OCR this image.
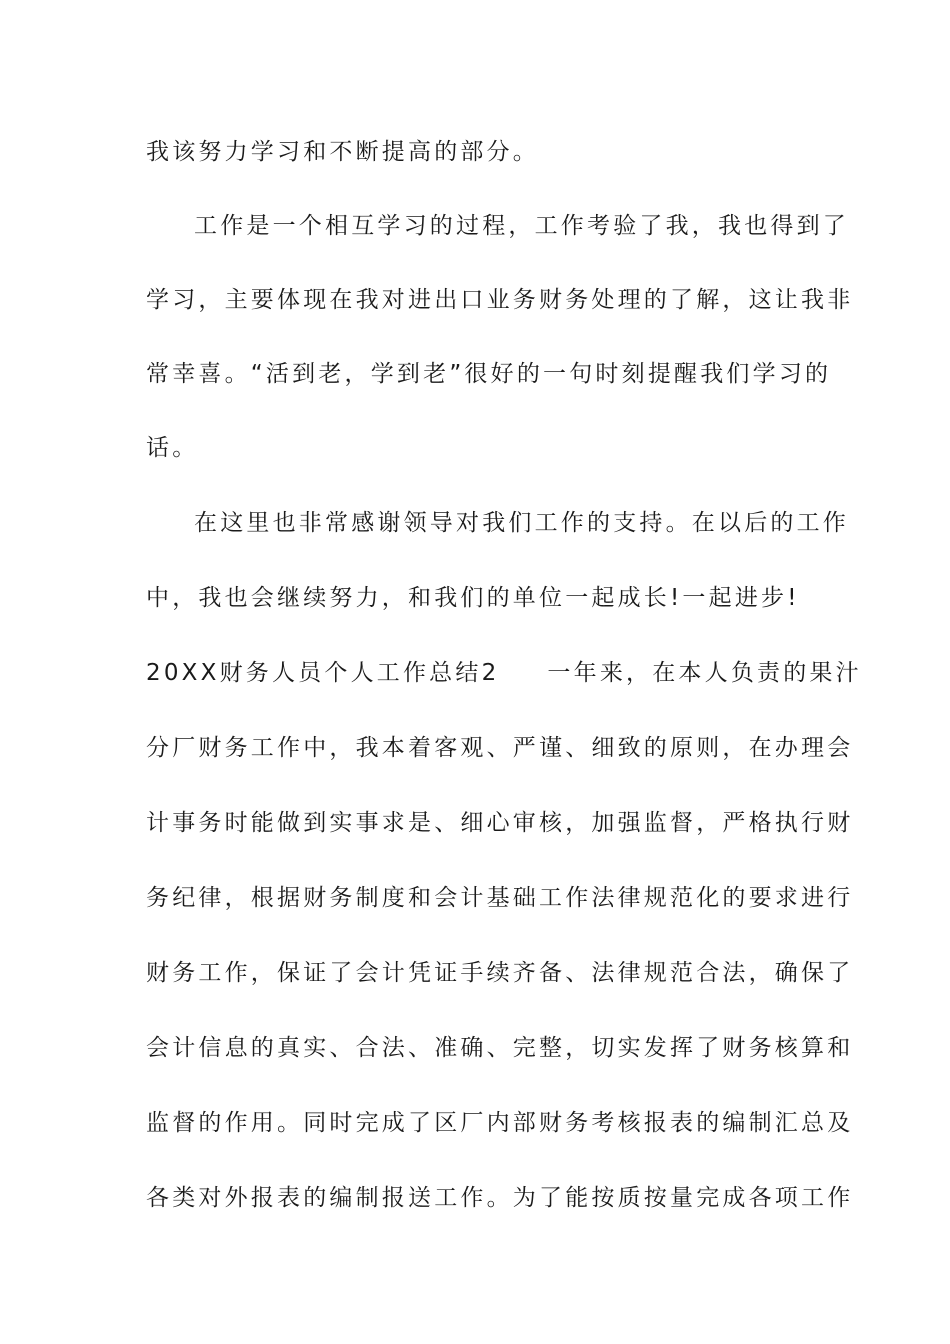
我该努力学习和不断提高的部分。
工作是一个相互学习的过程，工作考验了我，我也得到了
学习，主要体现在我对进出口业务财务处理的了解，这让我非
常幸喜。“活到老，学到老”很好的一句时刻提醒我们学习的
话。
在这里也非常感谢领导对我们工作的支持。在以后的工作
中，我也会继续努力，和我们的单位一起成长!一起进步!
20XX财务人员个人工作总结2 一年来，在本人负责的果汁
分厂财务工作中，我本着客观、严谨、细致的原则，在办理会
计事务时能做到实事求是、细心审核，加强监督，严格执行财
务纪律，根据财务制度和会计基础工作法律规范化的要求进行
财务工作，保证了会计凭证手续齐备、法律规范合法，确保了
会计信息的真实、合法、准确、完整，切实发挥了财务核算和
监督的作用。同时完成了区厂内部财务考核报表的编制汇总及
各类对外报表的编制报送工作。为了能按质按量完成各项工作
